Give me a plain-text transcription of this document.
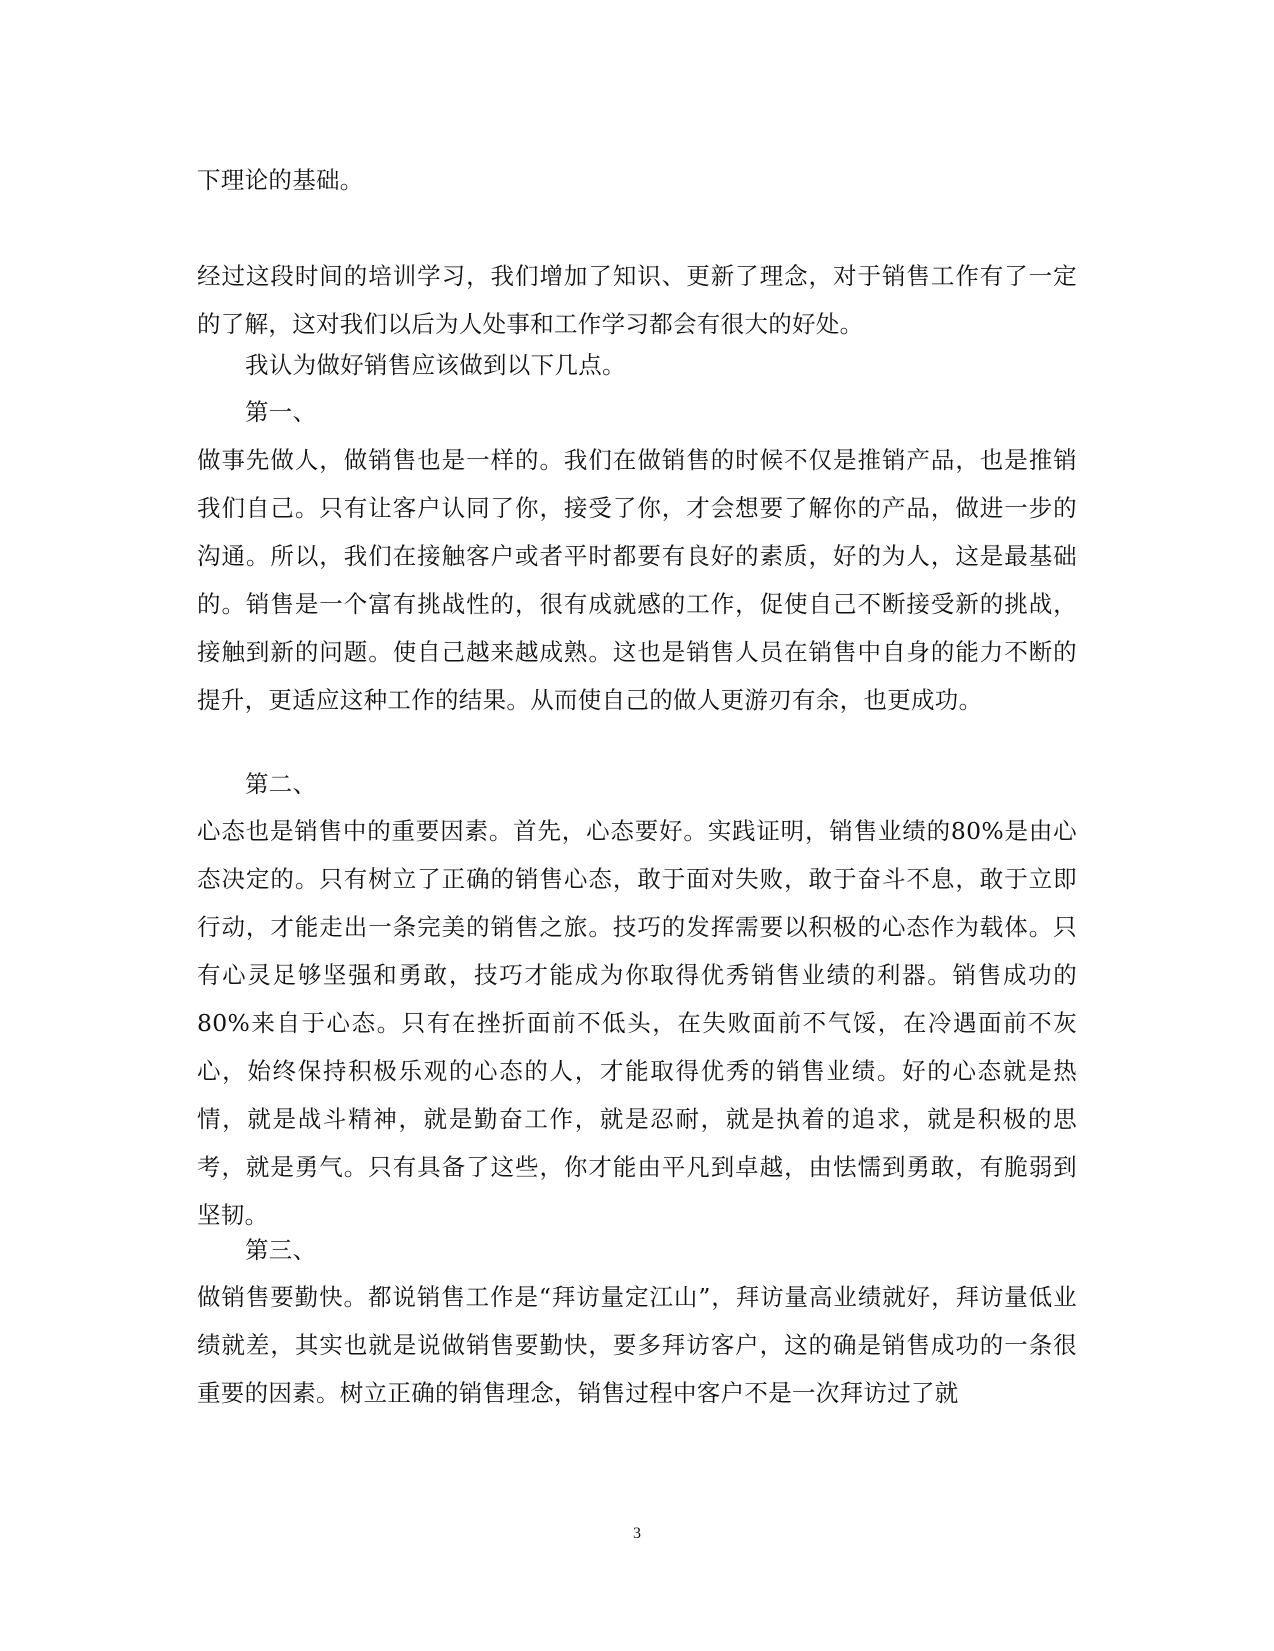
下理论的基础。

经过这段时间的培训学习，我们增加了知识、更新了理念，对于销售工作有了一定的了解，这对我们以后为人处事和工作学习都会有很大的好处。

我认为做好销售应该做到以下几点。

第一、

做事先做人，做销售也是一样的。我们在做销售的时候不仅是推销产品，也是推销我们自己。只有让客户认同了你，接受了你，才会想要了解你的产品，做进一步的沟通。所以，我们在接触客户或者平时都要有良好的素质，好的为人，这是最基础的。销售是一个富有挑战性的，很有成就感的工作，促使自己不断接受新的挑战，接触到新的问题。使自己越来越成熟。这也是销售人员在销售中自身的能力不断的提升，更适应这种工作的结果。从而使自己的做人更游刃有余，也更成功。

第二、

心态也是销售中的重要因素。首先，心态要好。实践证明，销售业绩的80%是由心态决定的。只有树立了正确的销售心态，敢于面对失败，敢于奋斗不息，敢于立即行动，才能走出一条完美的销售之旅。技巧的发挥需要以积极的心态作为载体。只有心灵足够坚强和勇敢，技巧才能成为你取得优秀销售业绩的利器。销售成功的80%来自于心态。只有在挫折面前不低头，在失败面前不气馁，在冷遇面前不灰心，始终保持积极乐观的心态的人，才能取得优秀的销售业绩。好的心态就是热情，就是战斗精神，就是勤奋工作，就是忍耐，就是执着的追求，就是积极的思考，就是勇气。只有具备了这些，你才能由平凡到卓越，由怯懦到勇敢，有脆弱到坚韧。

第三、

做销售要勤快。都说销售工作是“拜访量定江山”，拜访量高业绩就好，拜访量低业绩就差，其实也就是说做销售要勤快，要多拜访客户，这的确是销售成功的一条很重要的因素。树立正确的销售理念，销售过程中客户不是一次拜访过了就

3
